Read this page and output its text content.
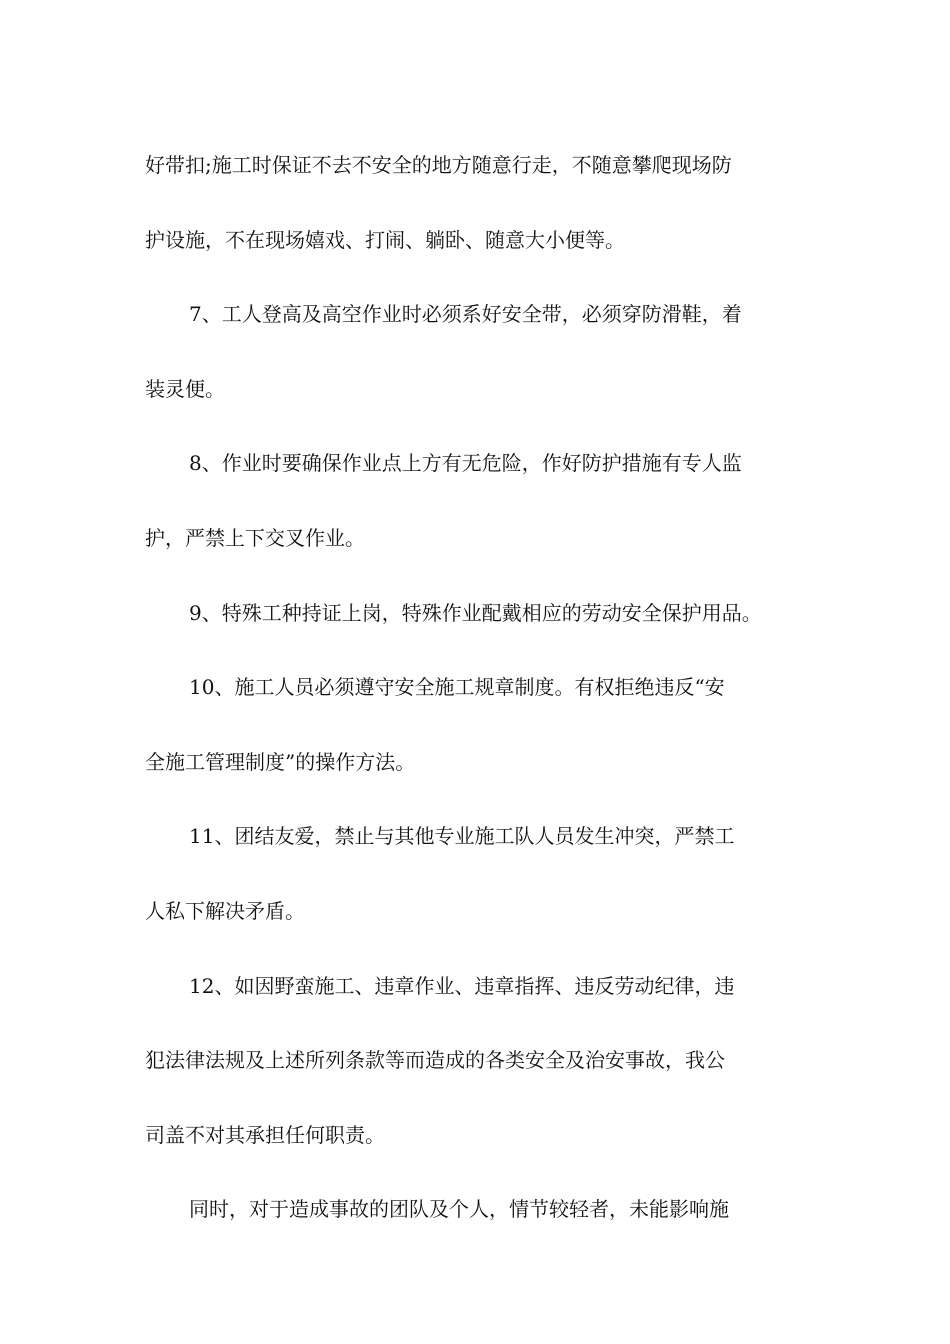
好带扣;施工时保证不去不安全的地方随意行走，不随意攀爬现场防
护设施，不在现场嬉戏、打闹、躺卧、随意大小便等。
7、工人登高及高空作业时必须系好安全带，必须穿防滑鞋，着
装灵便。
8、作业时要确保作业点上方有无危险，作好防护措施有专人监
护，严禁上下交叉作业。
9、特殊工种持证上岗，特殊作业配戴相应的劳动安全保护用品。
10、施工人员必须遵守安全施工规章制度。有权拒绝违反“安
全施工管理制度”的操作方法。
11、团结友爱，禁止与其他专业施工队人员发生冲突，严禁工
人私下解决矛盾。
12、如因野蛮施工、违章作业、违章指挥、违反劳动纪律，违
犯法律法规及上述所列条款等而造成的各类安全及治安事故，我公
司盖不对其承担任何职责。
同时，对于造成事故的团队及个人，情节较轻者，未能影响施
